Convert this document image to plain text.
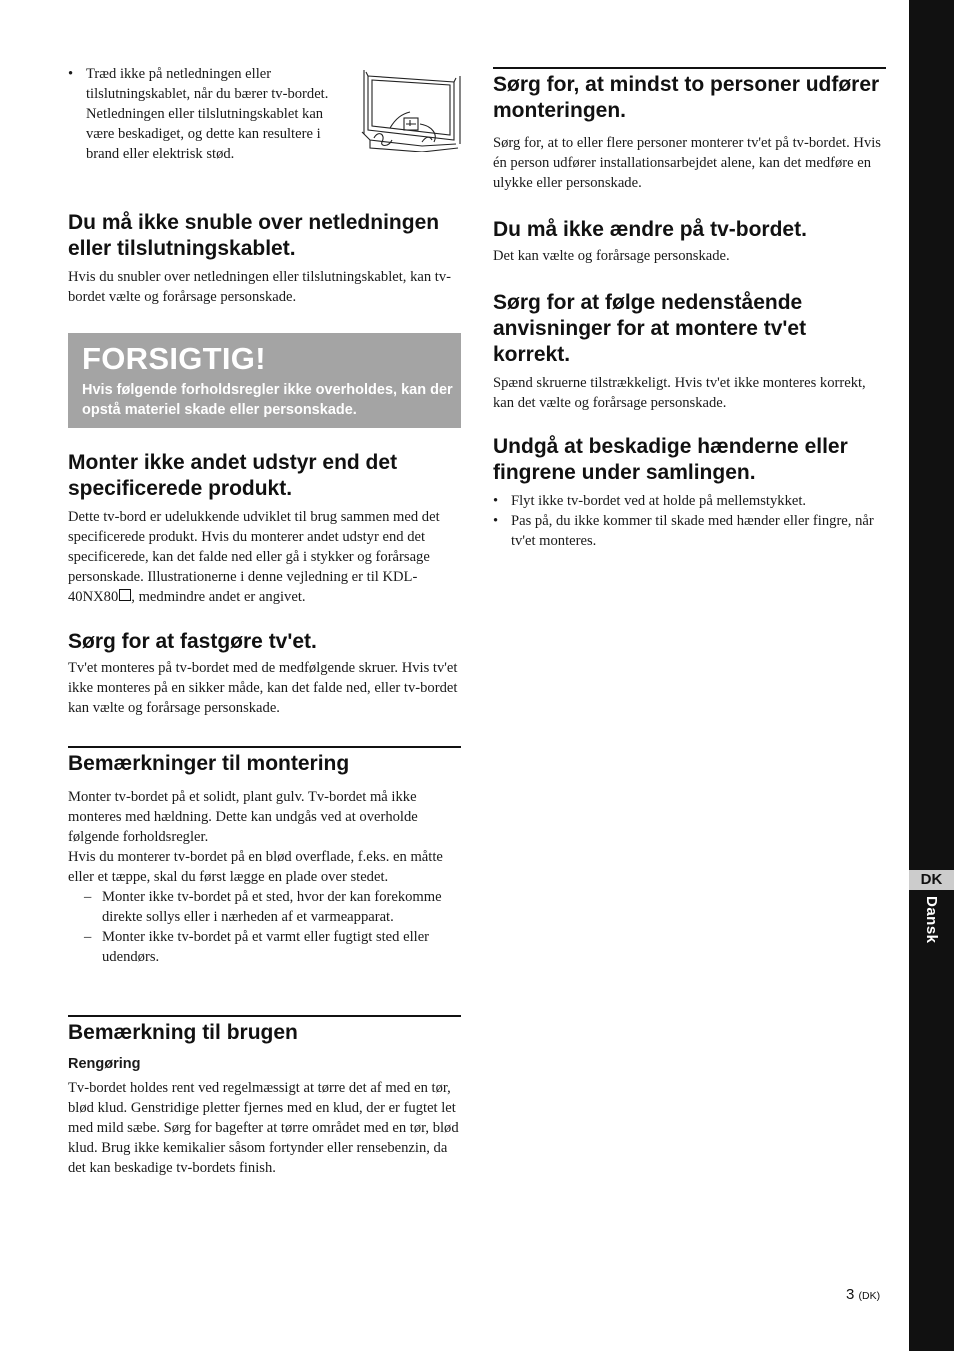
• Træd ikke på netledningen eller tilslutningskablet, når du bærer tv-bordet. Netledningen eller tilslutningskablet kan være beskadiget, og dette kan resultere i brand eller elektrisk stød.
Du må ikke snuble over netledningen eller tilslutningskablet.

Hvis du snubler over netledningen eller tilslutningskablet, kan tv-bordet vælte og forårsage personskade.

FORSIGTIG!
Hvis følgende forholdsregler ikke overholdes, kan der opstå materiel skade eller personskade.
Monter ikke andet udstyr end det specificerede produkt.

Dette tv-bord er udelukkende udviklet til brug sammen med det specificerede produkt. Hvis du monterer andet udstyr end det specificerede, kan det falde ned eller gå i stykker og forårsage personskade. Illustrationerne i denne vejledning er til KDL-40NX80 , medmindre andet er angivet.

Sørg for at fastgøre tv'et.

Tv'et monteres på tv-bordet med de medfølgende skruer. Hvis tv'et ikke monteres på en sikker måde, kan det falde ned, eller tv-bordet kan vælte og forårsage personskade.

Bemærkninger til montering

Monter tv-bordet på et solidt, plant gulv. Tv-bordet må ikke monteres med hældning. Dette kan undgås ved at overholde følgende forholdsregler.

Hvis du monterer tv-bordet på en blød overflade, f.eks. en måtte eller et tæppe, skal du først lægge en plade over stedet.

– Monter ikke tv-bordet på et sted, hvor der kan forekomme direkte sollys eller i nærheden af et varmeapparat.
– Monter ikke tv-bordet på et varmt eller fugtigt sted eller udendørs.
Bemærkning til brugen

Rengøring

Tv-bordet holdes rent ved regelmæssigt at tørre det af med en tør, blød klud. Genstridige pletter fjernes med en klud, der er fugtet let med mild sæbe. Sørg for bagefter at tørre området med en tør, blød klud. Brug ikke kemikalier såsom fortynder eller rensebenzin, da det kan beskadige tv-bordets finish.

Sørg for, at mindst to personer udfører monteringen.

Sørg for, at to eller flere personer monterer tv'et på tv-bordet. Hvis én person udfører installationsarbejdet alene, kan det medføre en ulykke eller personskade.

Du må ikke ændre på tv-bordet.

Det kan vælte og forårsage personskade.

Sørg for at følge nedenstående anvisninger for at montere tv'et korrekt.

Spænd skruerne tilstrækkeligt. Hvis tv'et ikke monteres korrekt, kan det vælte og forårsage personskade.

Undgå at beskadige hænderne eller fingrene under samlingen.
• Flyt ikke tv-bordet ved at holde på mellemstykket.
• Pas på, du ikke kommer til skade med hænder eller fingre, når tv'et monteres.
DK
Dansk
3 (DK)
